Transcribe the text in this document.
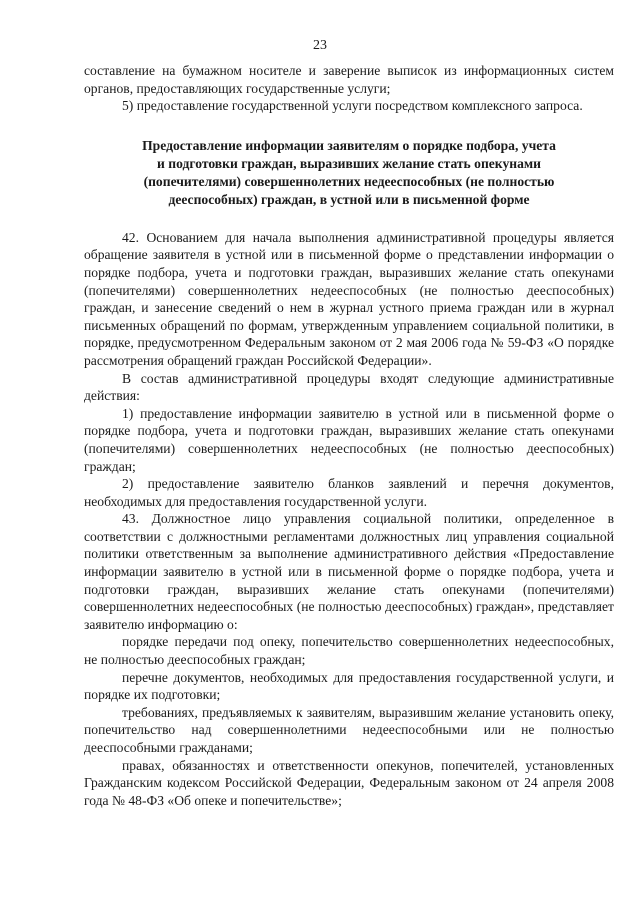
23

составление на бумажном носителе и заверение выписок из информационных систем органов, предоставляющих государственные услуги;

5) предоставление государственной услуги посредством комплексного запроса.

Предоставление информации заявителям о порядке подбора, учета
и подготовки граждан, выразивших желание стать опекунами
(попечителями) совершеннолетних недееспособных (не полностью
дееспособных) граждан, в устной или в письменной форме

42. Основанием для начала выполнения административной процедуры является обращение заявителя в устной или в письменной форме о представлении информации о порядке подбора, учета и подготовки граждан, выразивших желание стать опекунами (попечителями) совершеннолетних недееспособных (не полностью дееспособных) граждан, и занесение сведений о нем в журнал устного приема граждан или в журнал письменных обращений по формам, утвержденным управлением социальной политики, в порядке, предусмотренном Федеральным законом от 2 мая 2006 года № 59-ФЗ «О порядке рассмотрения обращений граждан Российской Федерации».

В состав административной процедуры входят следующие административные действия:

1) предоставление информации заявителю в устной или в письменной форме о порядке подбора, учета и подготовки граждан, выразивших желание стать опекунами (попечителями) совершеннолетних недееспособных (не полностью дееспособных) граждан;

2) предоставление заявителю бланков заявлений и перечня документов, необходимых для предоставления государственной услуги.

43. Должностное лицо управления социальной политики, определенное в соответствии с должностными регламентами должностных лиц управления социальной политики ответственным за выполнение административного действия «Предоставление информации заявителю в устной или в письменной форме о порядке подбора, учета и подготовки граждан, выразивших желание стать опекунами (попечителями) совершеннолетних недееспособных (не полностью дееспособных) граждан», представляет заявителю информацию о:

порядке передачи под опеку, попечительство совершеннолетних недееспособных, не полностью дееспособных граждан;

перечне документов, необходимых для предоставления государственной услуги, и порядке их подготовки;

требованиях, предъявляемых к заявителям, выразившим желание установить опеку, попечительство над совершеннолетними недееспособными или не полностью дееспособными гражданами;

правах, обязанностях и ответственности опекунов, попечителей, установленных Гражданским кодексом Российской Федерации, Федеральным законом от 24 апреля 2008 года № 48-ФЗ «Об опеке и попечительстве»;
